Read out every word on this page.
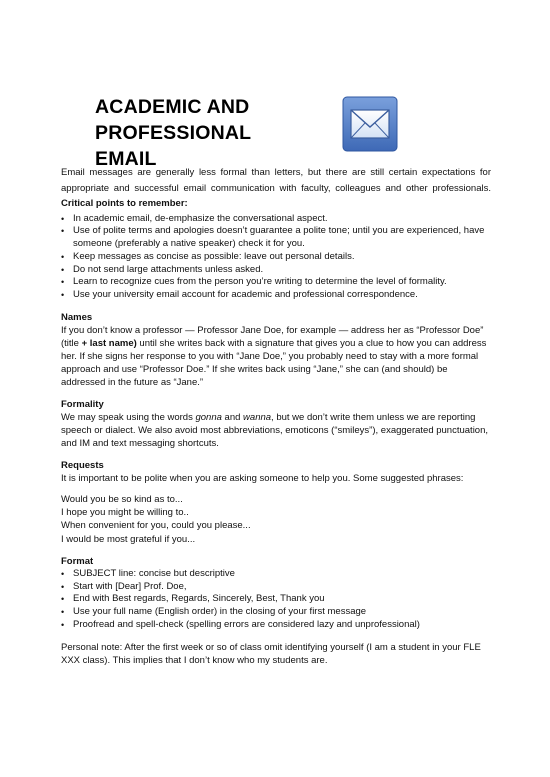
ACADEMIC AND
PROFESSIONAL
EMAIL

Email messages are generally less formal than letters, but there are still certain expectations for appropriate and successful email communication with faculty, colleagues and other professionals. Critical points to remember:

• In academic email, de-emphasize the conversational aspect.
• Use of polite terms and apologies doesn’t guarantee a polite tone; until you are experienced, have someone (preferably a native speaker) check it for you.
• Keep messages as concise as possible: leave out personal details.
• Do not send large attachments unless asked.
• Learn to recognize cues from the person you’re writing to determine the level of formality.
• Use your university email account for academic and professional correspondence.
Names

If you don’t know a professor — Professor Jane Doe, for example — address her as “Professor Doe” (title + last name) until she writes back with a signature that gives you a clue to how you can address her. If she signs her response to you with “Jane Doe,” you probably need to stay with a more formal approach and use “Professor Doe.” If she writes back using “Jane,” she can (and should) be addressed in the future as “Jane.”

Formality

We may speak using the words gonna and wanna, but we don’t write them unless we are reporting speech or dialect. We also avoid most abbreviations, emoticons (“smileys”), exaggerated punctuation, and IM and text messaging shortcuts.

Requests

It is important to be polite when you are asking someone to help you. Some suggested phrases:

Would you be so kind as to...
I hope you might be willing to..
When convenient for you, could you please...
I would be most grateful if you...
Format
• SUBJECT line: concise but descriptive
• Start with [Dear] Prof. Doe,
• End with Best regards, Regards, Sincerely, Best, Thank you
• Use your full name (English order) in the closing of your first message
• Proofread and spell-check (spelling errors are considered lazy and unprofessional)

Personal note: After the first week or so of class omit identifying yourself (I am a student in your FLE XXX class). This implies that I don’t know who my students are.
